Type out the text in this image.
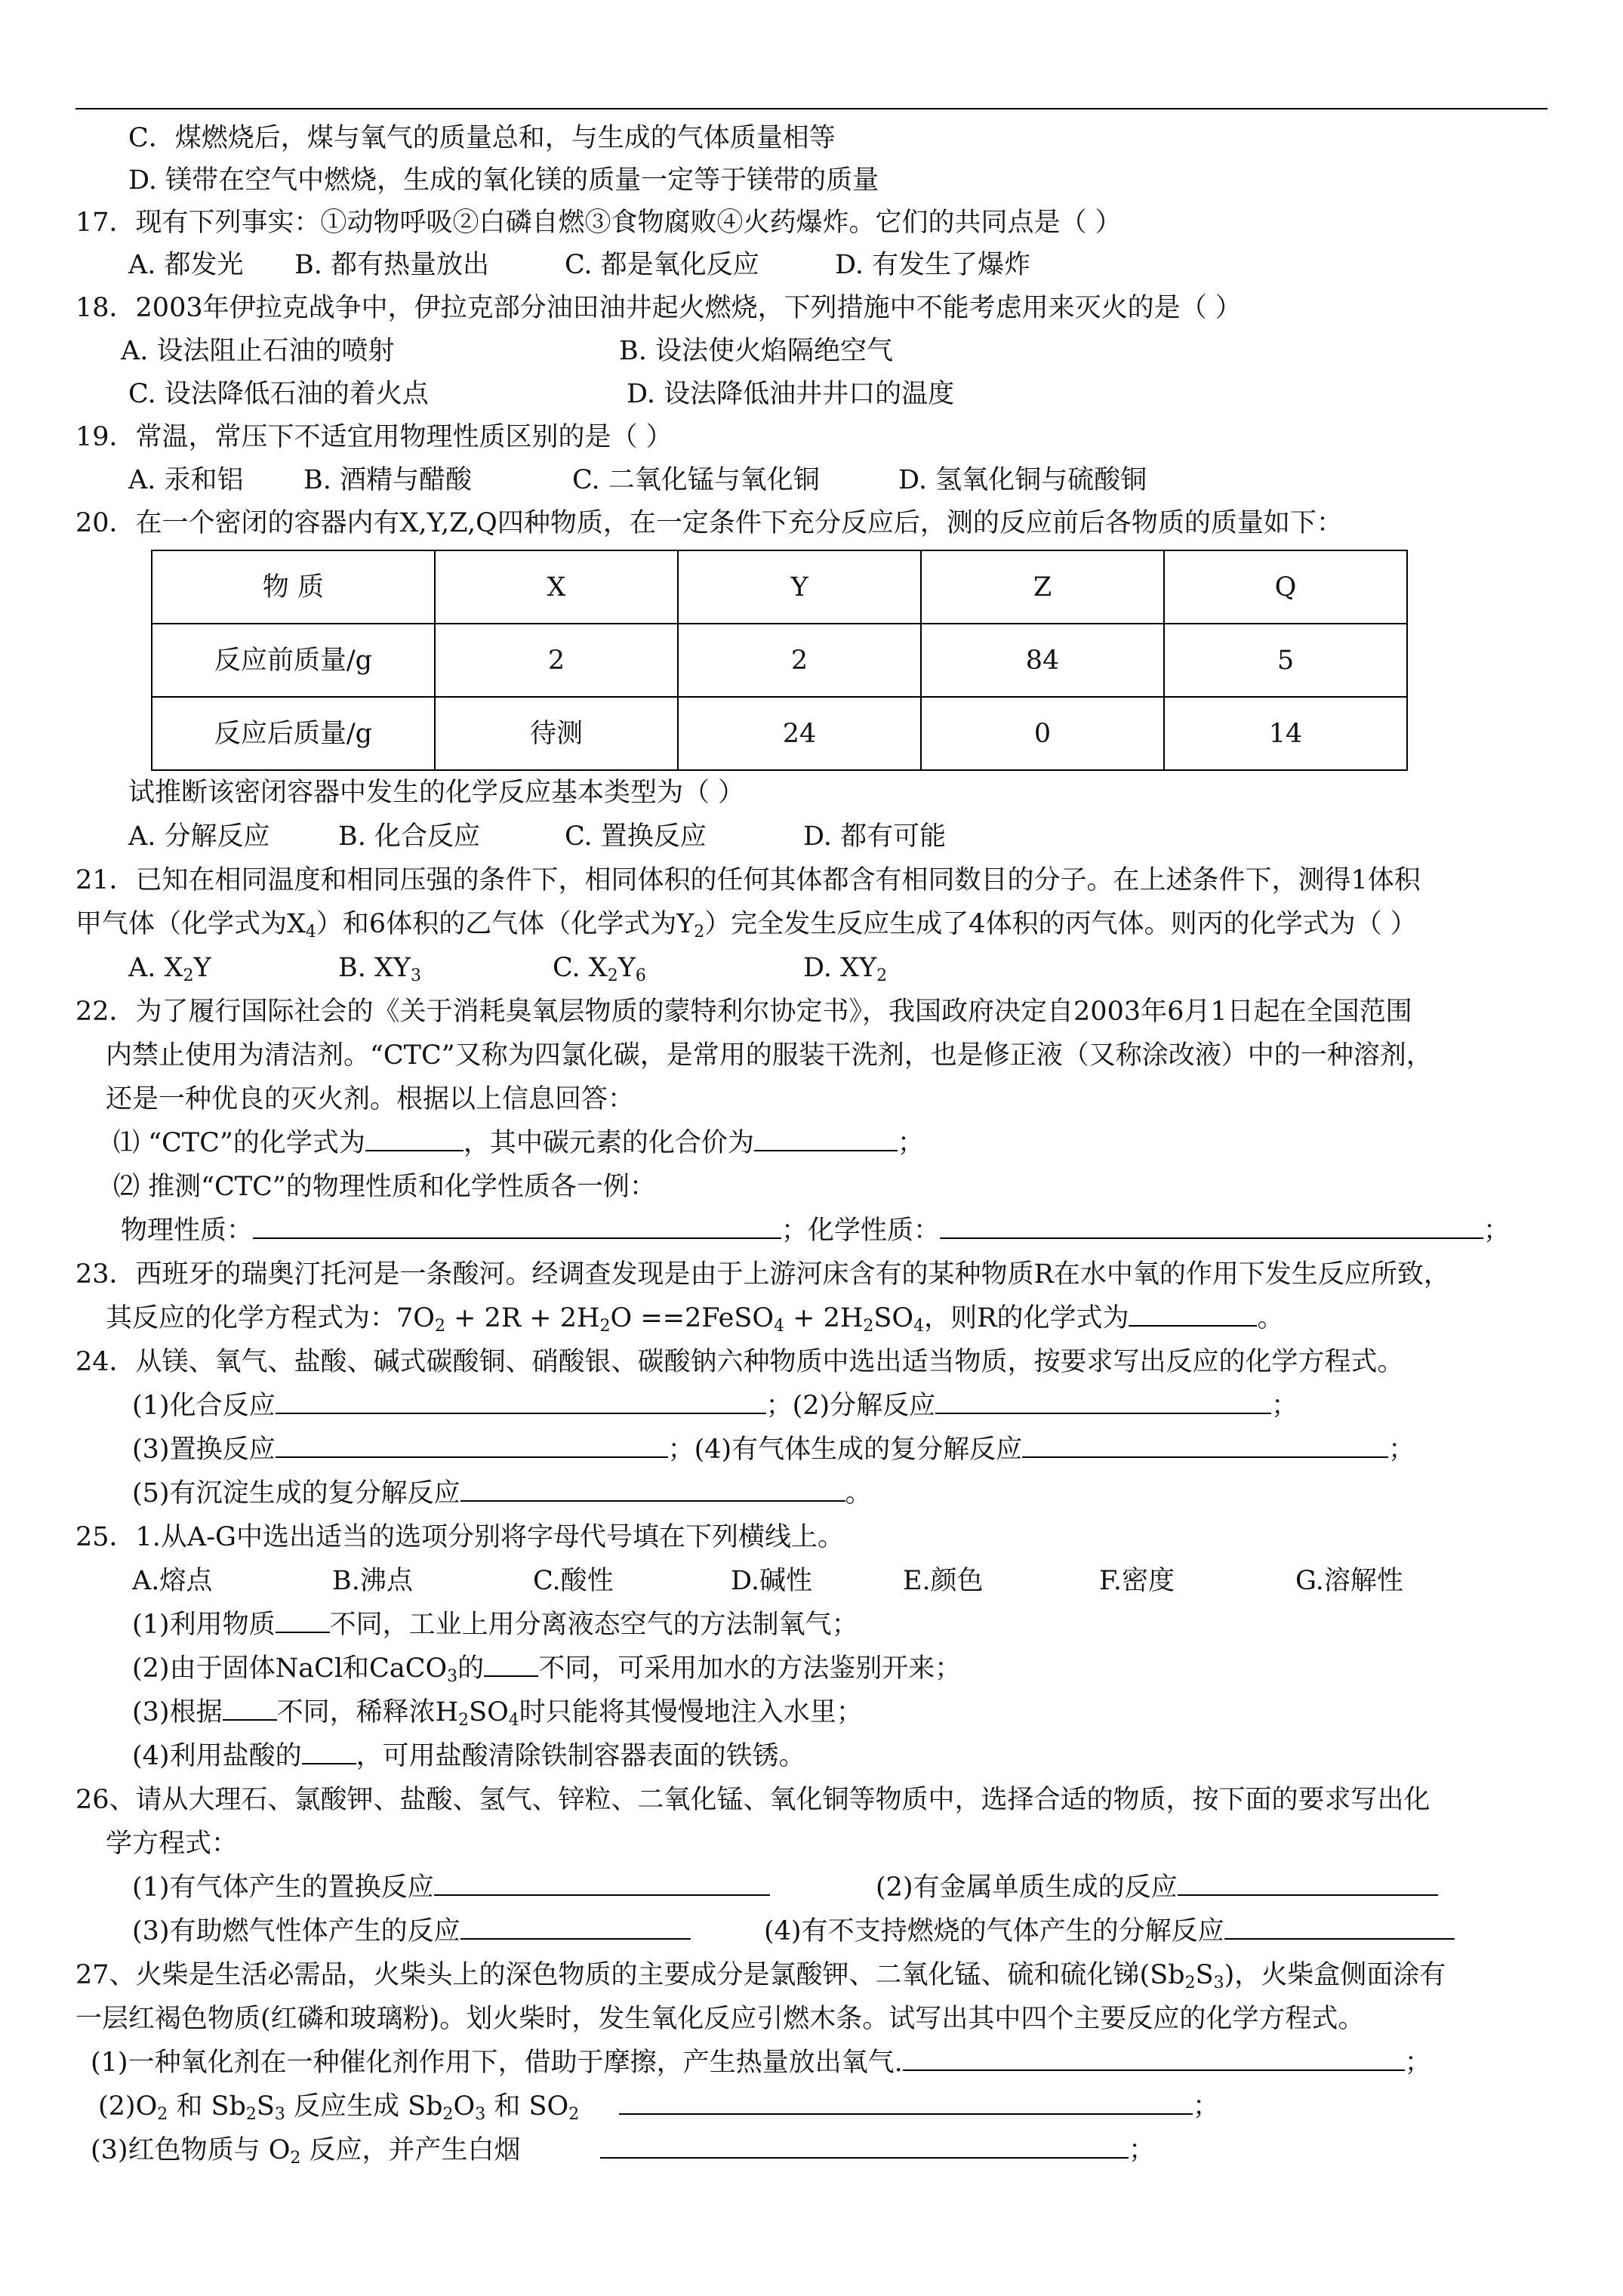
C．煤燃烧后，煤与氧气的质量总和，与生成的气体质量相等
D. 镁带在空气中燃烧，生成的氧化镁的质量一定等于镁带的质量
17．现有下列事实：①动物呼吸②白磷自燃③食物腐败④火药爆炸。它们的共同点是（ ）
A. 都发光 B. 都有热量放出	C. 都是氧化反应	D. 有发生了爆炸
18．2003年伊拉克战争中，伊拉克部分油田油井起火燃烧，下列措施中不能考虑用来灭火的是（ ）
A. 设法阻止石油的喷射	B. 设法使火焰隔绝空气
C. 设法降低石油的着火点	D. 设法降低油井井口的温度
19．常温，常压下不适宜用物理性质区别的是（ ）
A. 汞和铝 B. 酒精与醋酸	C. 二氧化锰与氧化铜	D. 氢氧化铜与硫酸铜
20．在一个密闭的容器内有X,Y,Z,Q四种物质，在一定条件下充分反应后，测的反应前后各物质的质量如下：
物 质	X	Y	Z	Q
反应前质量/g	2	2	84	5
反应后质量/g	待测	24	0	14
试推断该密闭容器中发生的化学反应基本类型为（ ）
A. 分解反应	B. 化合反应	C. 置换反应	D. 都有可能
21．已知在相同温度和相同压强的条件下，相同体积的任何其体都含有相同数目的分子。在上述条件下，测得1体积
甲气体（化学式为$X_4$）和6体积的乙气体（化学式为$Y_2$）完全发生反应生成了4体积的丙气体。则丙的化学式为（ ）
A. $X_2Y$	B. $XY_3$	C. $X_2Y_6$	D. $XY_2$
22．为了履行国际社会的《关于消耗臭氧层物质的蒙特利尔协定书》，我国政府决定自2003年6月1日起在全国范围
内禁止使用为清洁剂。“CTC”又称为四氯化碳，是常用的服装干洗剂，也是修正液（又称涂改液）中的一种溶剂，
还是一种优良的灭火剂。根据以上信息回答：
⑴ “CTC”的化学式为	，其中碳元素的化合价为	；
⑵ 推测“CTC”的物理性质和化学性质各一例：
物理性质：	；化学性质：	；
23．西班牙的瑞奥汀托河是一条酸河。经调查发现是由于上游河床含有的某种物质R在水中氧的作用下发生反应所致，
其反应的化学方程式为：$7O_2 + 2R + 2H_2O$ ==2FeSO$_4$ + $2H_2SO_4$，则R的化学式为	。
24．从镁、氧气、盐酸、碱式碳酸铜、硝酸银、碳酸钠六种物质中选出适当物质，按要求写出反应的化学方程式。
(1)化合反应	；(2)分解反应	；
(3)置换反应	；(4)有气体生成的复分解反应	；
(5)有沉淀生成的复分解反应	。
25．1.从A-G中选出适当的选项分别将字母代号填在下列横线上。
A.熔点	B.沸点	C.酸性	D.碱性	E.颜色	F.密度	G.溶解性
(1)利用物质 不同，工业上用分离液态空气的方法制氧气；
(2)由于固体NaCl和CaCO$_3$的 不同，可采用加水的方法鉴别开来；
(3)根据 不同，稀释浓$H_2SO_4$时只能将其慢慢地注入水里；
(4)利用盐酸的 ，可用盐酸清除铁制容器表面的铁锈。
26、请从大理石、氯酸钾、盐酸、氢气、锌粒、二氧化锰、氧化铜等物质中，选择合适的物质，按下面的要求写出化
学方程式：
(1)有气体产生的置换反应	(2)有金属单质生成的反应
(3)有助燃气性体产生的反应	(4)有不支持燃烧的气体产生的分解反应
27、火柴是生活必需品，火柴头上的深色物质的主要成分是氯酸钾、二氧化锰、硫和硫化锑$(Sb_2S_3)$，火柴盒侧面涂有
一层红褐色物质(红磷和玻璃粉)。划火柴时，发生氧化反应引燃木条。试写出其中四个主要反应的化学方程式。
(1)一种氧化剂在一种催化剂作用下，借助于摩擦，产生热量放出氧气.	；
$(2)O_2$ 和 $Sb_2S_3$ 反应生成 $Sb_2O_3$ 和 $SO_2$	；
(3)红色物质与 $O_2$ 反应，并产生白烟	；
